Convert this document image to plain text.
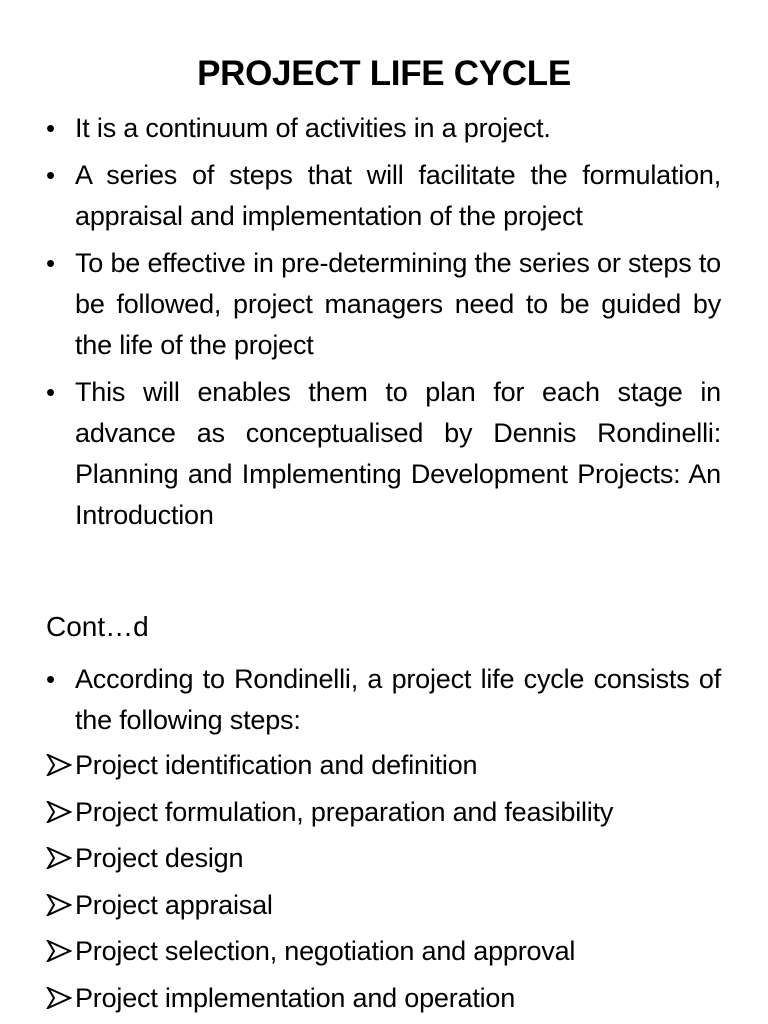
PROJECT LIFE CYCLE
• It is a continuum of activities in a project.
• A series of steps that will facilitate the formulation, appraisal and implementation of the project
• To be effective in pre-determining the series or steps to be followed, project managers need to be guided by the life of the project
• This will enables them to plan for each stage in advance as conceptualised by Dennis Rondinelli: Planning and Implementing Development Projects: An Introduction
Cont…d
• According to Rondinelli, a project life cycle consists of the following steps:
Project identification and definition
Project formulation, preparation and feasibility
Project design
Project appraisal
Project selection, negotiation and approval
Project implementation and operation
